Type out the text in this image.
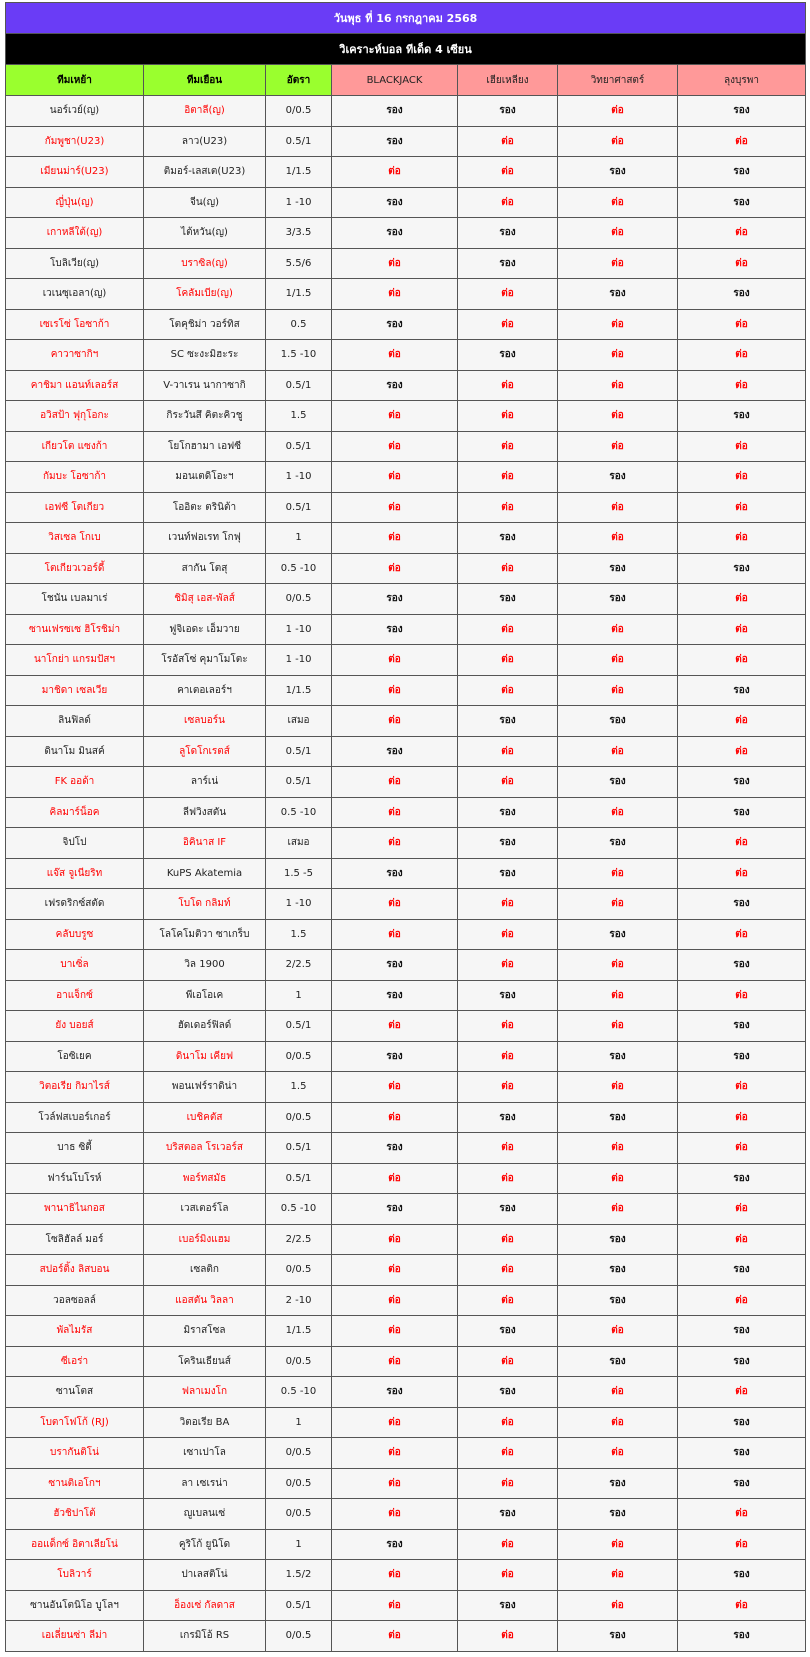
วันพุธ ที่ 16 กรกฎาคม 2568						
วิเคราะห์บอล ทีเด็ด 4 เซียน						
ทีมเหย้า	ทีมเยือน	อัตรา	BLACKJACK	เฮียเหลียง	วิทยาศาสตร์	ลุงบุรพา
นอร์เวย์(ญ)	อิตาลี(ญ)	0/0.5	รอง	รอง	ต่อ	รอง
กัมพูชา(U23)	ลาว(U23)	0.5/1	รอง	ต่อ	ต่อ	ต่อ
เมียนม่าร์(U23)	ติมอร์-เลสเต(U23)	1/1.5	ต่อ	ต่อ	รอง	รอง
ญี่ปุ่น(ญ)	จีน(ญ)	1 -10	รอง	ต่อ	ต่อ	รอง
เกาหลีใต้(ญ)	ไต้หวัน(ญ)	3/3.5	รอง	รอง	ต่อ	ต่อ
โบลิเวีย(ญ)	บราซิล(ญ)	5.5/6	ต่อ	รอง	ต่อ	ต่อ
เวเนซุเอลา(ญ)	โคลัมเบีย(ญ)	1/1.5	ต่อ	ต่อ	รอง	รอง
เซเรโซ่ โอซาก้า	โตคุชิม่า วอร์ทิส	0.5	รอง	ต่อ	ต่อ	ต่อ
คาวาซากิฯ	SC ซะงะมิฮะระ	1.5 -10	ต่อ	รอง	ต่อ	ต่อ
คาชิมา แอนท์เลอร์ส	V-วาเรน นากาซากิ	0.5/1	รอง	ต่อ	ต่อ	ต่อ
อวิสป้า ฟุกุโอกะ	กิระวันสึ คิตะคิวชู	1.5	ต่อ	ต่อ	ต่อ	รอง
เกียวโต แซงก้า	โยโกฮามา เอฟซี	0.5/1	ต่อ	ต่อ	ต่อ	ต่อ
กัมบะ โอซาก้า	มอนเตดิโอะฯ	1 -10	ต่อ	ต่อ	รอง	ต่อ
เอฟซี โตเกียว	โออิตะ ตรินิต้า	0.5/1	ต่อ	ต่อ	ต่อ	ต่อ
วิสเซล โกเบ	เวนท์ฟอเรท โกฟุ	1	ต่อ	รอง	ต่อ	ต่อ
โตเกียวเวอร์ดี้	สากัน โตสุ	0.5 -10	ต่อ	ต่อ	รอง	รอง
โชนัน เบลมาเร่	ชิมิสุ เอส-พัลส์	0/0.5	รอง	รอง	รอง	ต่อ
ซานเฟรซเซ ฮิโรชิม่า	ฟูจิเอดะ เอ็มวาย	1 -10	รอง	ต่อ	ต่อ	ต่อ
นาโกย่า แกรมปัสฯ	โรอัสโซ่ คุมาโมโตะ	1 -10	ต่อ	ต่อ	ต่อ	ต่อ
มาชิดา เซลเวีย	คาเตอเลอร์ฯ	1/1.5	ต่อ	ต่อ	ต่อ	รอง
ลินฟิลด์	เซลบอร์น	เสมอ	ต่อ	รอง	รอง	ต่อ
ดินาโม มินสค์	ลูโดโกเรตส์	0.5/1	รอง	ต่อ	ต่อ	ต่อ
FK ออด้า	ลาร์เน่	0.5/1	ต่อ	ต่อ	รอง	รอง
คิลมาร์น็อค	ลีฟวิงสตัน	0.5 -10	ต่อ	รอง	ต่อ	รอง
จิปโป	อิคินาส IF	เสมอ	ต่อ	รอง	รอง	ต่อ
แจ๊ส จูเนียริท	KuPS Akatemia	1.5 -5	รอง	รอง	ต่อ	ต่อ
เฟรดริกซ์สตัด	โบโด กลิมท์	1 -10	ต่อ	ต่อ	ต่อ	รอง
คลับบรูซ	โลโคโมติวา ซาเกร็บ	1.5	ต่อ	ต่อ	รอง	ต่อ
บาเซิ่ล	วิล 1900	2/2.5	รอง	ต่อ	ต่อ	รอง
อาแจ็กซ์	พีเอโอเค	1	รอง	รอง	ต่อ	ต่อ
ยัง บอยส์	ฮัดเดอร์ฟิลด์	0.5/1	ต่อ	ต่อ	ต่อ	รอง
โอซิเยค	ดินาโม เคียฟ	0/0.5	รอง	ต่อ	รอง	รอง
วิตอเรีย กิมาไรส์	พอนเฟร์ราดิน่า	1.5	ต่อ	ต่อ	ต่อ	ต่อ
โวล์ฟสเบอร์เกอร์	เบชิคตัส	0/0.5	ต่อ	รอง	รอง	ต่อ
บาธ ซิตี้	บริสตอล โรเวอร์ส	0.5/1	รอง	ต่อ	ต่อ	ต่อ
ฟาร์นโบโรห์	พอร์ทสมัธ	0.5/1	ต่อ	ต่อ	ต่อ	รอง
พานาธิไนกอส	เวสเตอร์โล	0.5 -10	รอง	รอง	ต่อ	ต่อ
โซลิฮัลล์ มอร์	เบอร์มิงแฮม	2/2.5	ต่อ	ต่อ	รอง	ต่อ
สปอร์ติ้ง ลิสบอน	เซลติก	0/0.5	ต่อ	ต่อ	รอง	รอง
วอลซอลล์	แอสตัน วิลลา	2 -10	ต่อ	ต่อ	รอง	ต่อ
พัลไมรัส	มิราสโซล	1/1.5	ต่อ	รอง	ต่อ	รอง
ซีเอร่า	โครินเธียนส์	0/0.5	ต่อ	ต่อ	รอง	รอง
ซานโตส	ฟลาเมงโก	0.5 -10	รอง	รอง	ต่อ	ต่อ
โบตาโฟโก้ (RJ)	วิตอเรีย BA	1	ต่อ	ต่อ	ต่อ	รอง
บรากันติโน่	เซาเปาโล	0/0.5	ต่อ	ต่อ	ต่อ	รอง
ซานติเอโกฯ	ลา เซเรน่า	0/0.5	ต่อ	ต่อ	รอง	รอง
ฮัวชิปาโต้	ญูเบลนเซ่	0/0.5	ต่อ	รอง	รอง	ต่อ
ออแด็กซ์ อิตาเลียโน่	คูริโก้ ยูนิโด	1	รอง	ต่อ	ต่อ	ต่อ
โบลิวาร์	ปาเลสติโน่	1.5/2	ต่อ	ต่อ	ต่อ	รอง
ซานอันโตนิโอ บูโลฯ	อ็องเซ่ กัลดาส	0.5/1	ต่อ	รอง	ต่อ	ต่อ
เอเลี่ยนซ่า ลีม่า	เกรมิโอ้ RS	0/0.5	ต่อ	ต่อ	รอง	รอง
